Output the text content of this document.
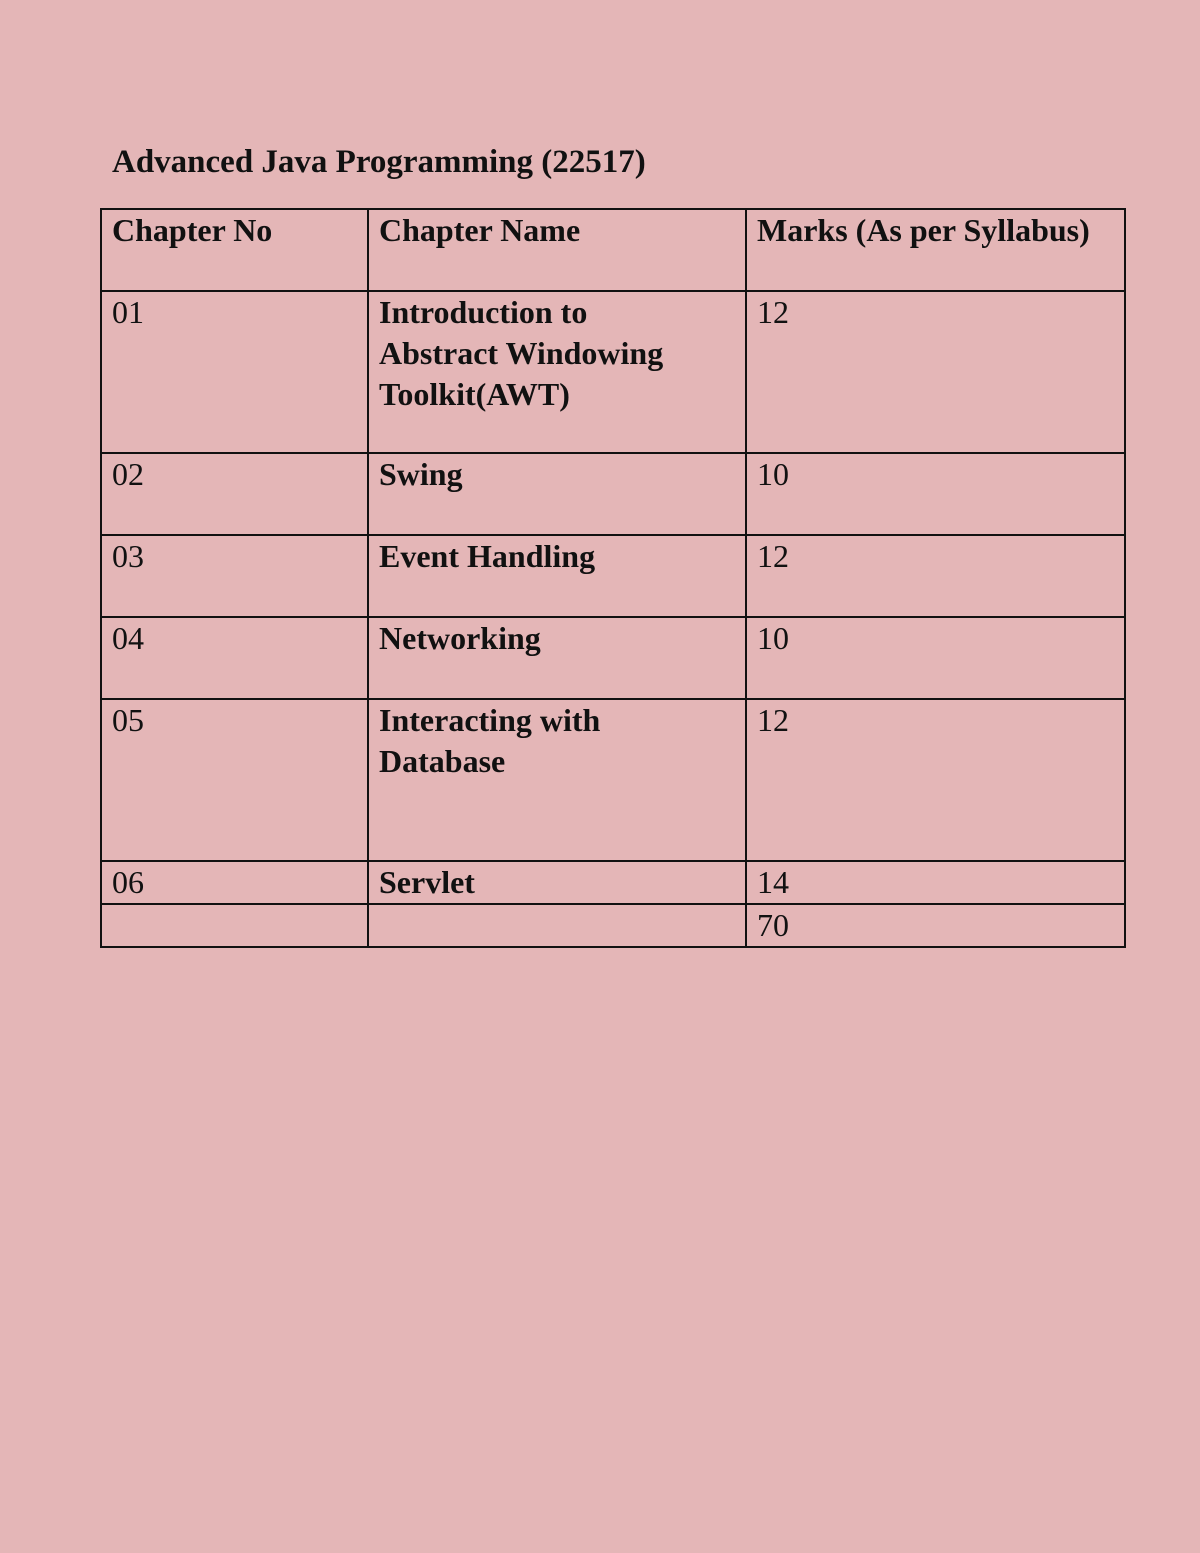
Advanced Java Programming (22517)
Chapter No	Chapter Name	Marks (As per Syllabus)
01	Introduction to
Abstract Windowing
Toolkit(AWT)	12
02	Swing	10
03	Event Handling	12
04	Networking	10
05	Interacting with
Database	12
06	Servlet	14
		70
